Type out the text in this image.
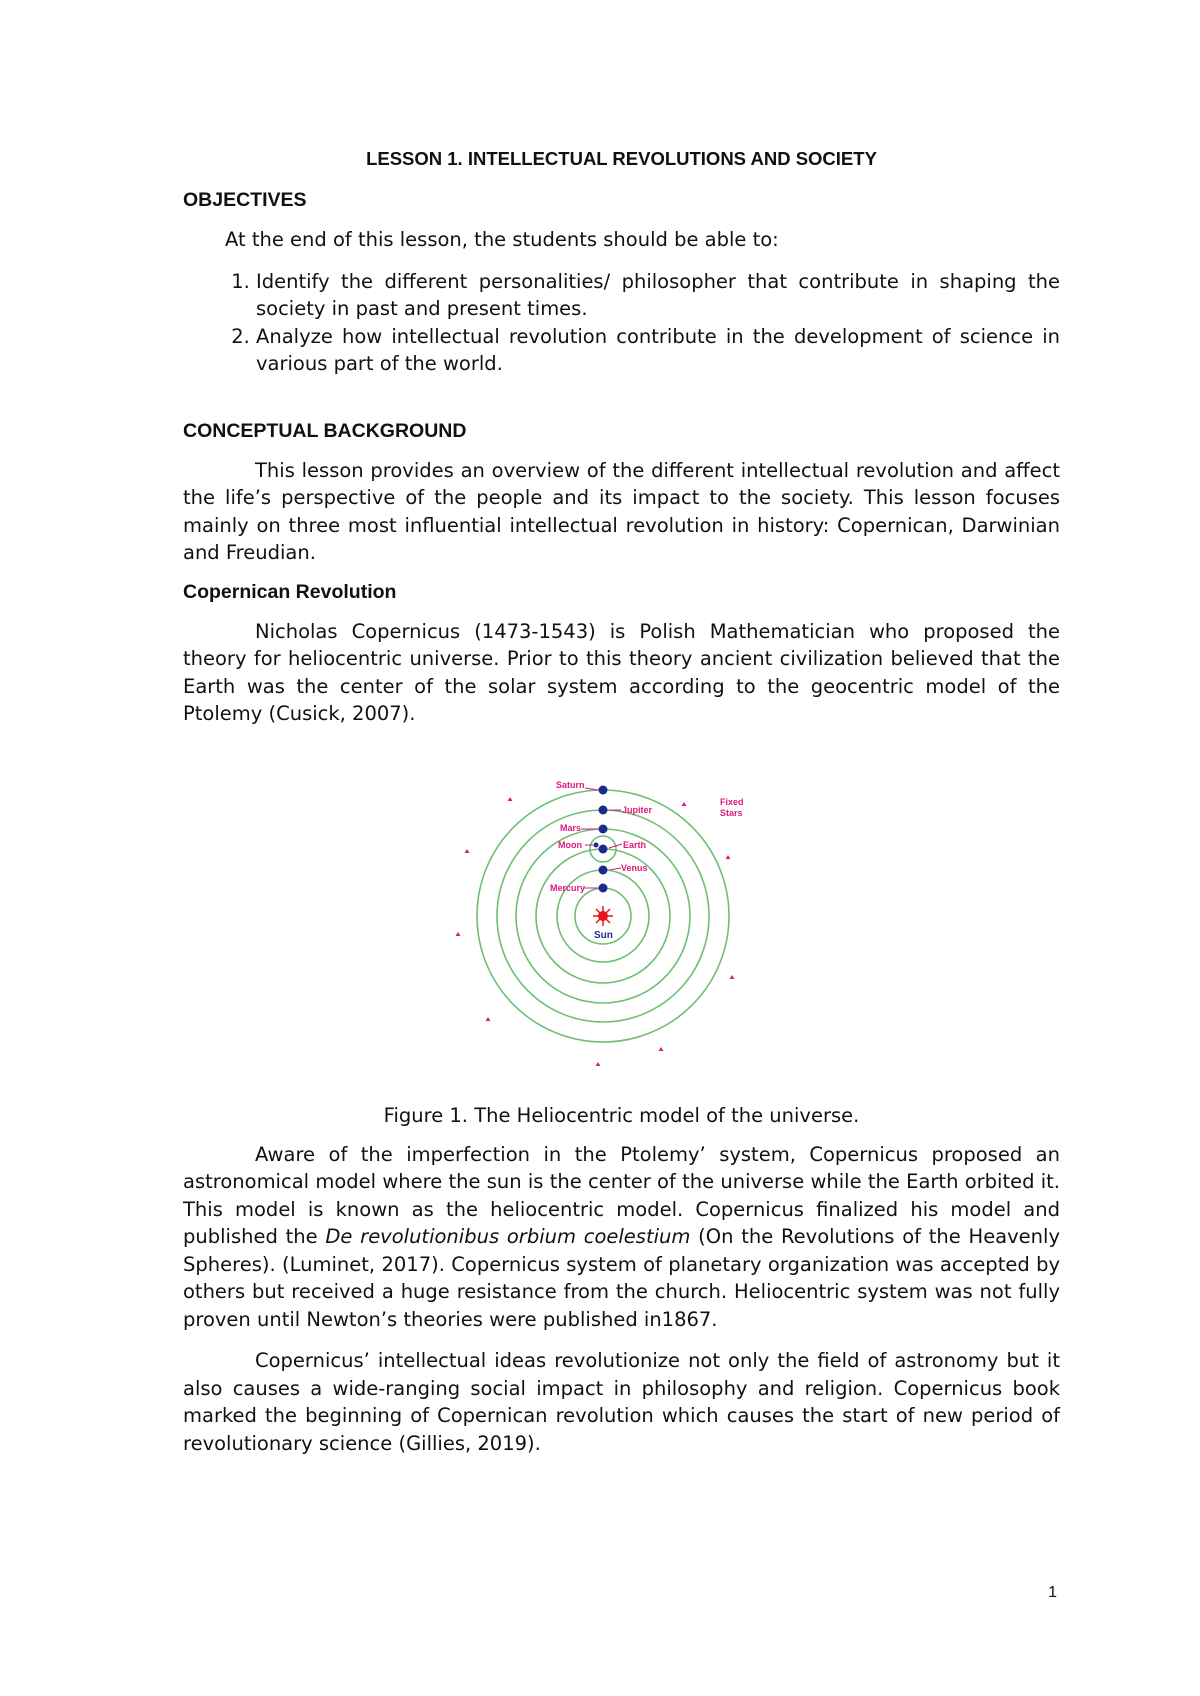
LESSON 1. INTELLECTUAL REVOLUTIONS AND SOCIETY

OBJECTIVES

At the end of this lesson, the students should be able to:

1. Identify the different personalities/ philosopher that contribute in shaping the society in past and present times.
2. Analyze how intellectual revolution contribute in the development of science in various part of the world.

CONCEPTUAL BACKGROUND

This lesson provides an overview of the different intellectual revolution and affect the life’s perspective of the people and its impact to the society. This lesson focuses mainly on three most influential intellectual revolution in history: Copernican, Darwinian and Freudian.

Copernican Revolution

Nicholas Copernicus (1473-1543) is Polish Mathematician who proposed the theory for heliocentric universe. Prior to this theory ancient civilization believed that the Earth was the center of the solar system according to the geocentric model of the Ptolemy (Cusick, 2007).

Sun
Saturn
Jupiter
Mars
Moon	Earth
Venus
Mercury
Fixed
Stars

Figure 1. The Heliocentric model of the universe.

Aware of the imperfection in the Ptolemy’ system, Copernicus proposed an astronomical model where the sun is the center of the universe while the Earth orbited it. This model is known as the heliocentric model. Copernicus finalized his model and published the De revolutionibus orbium coelestium (On the Revolutions of the Heavenly Spheres). (Luminet, 2017). Copernicus system of planetary organization was accepted by others but received a huge resistance from the church. Heliocentric system was not fully proven until Newton’s theories were published in1867.

Copernicus’ intellectual ideas revolutionize not only the field of astronomy but it also causes a wide-ranging social impact in philosophy and religion. Copernicus book marked the beginning of Copernican revolution which causes the start of new period of revolutionary science (Gillies, 2019).

1
